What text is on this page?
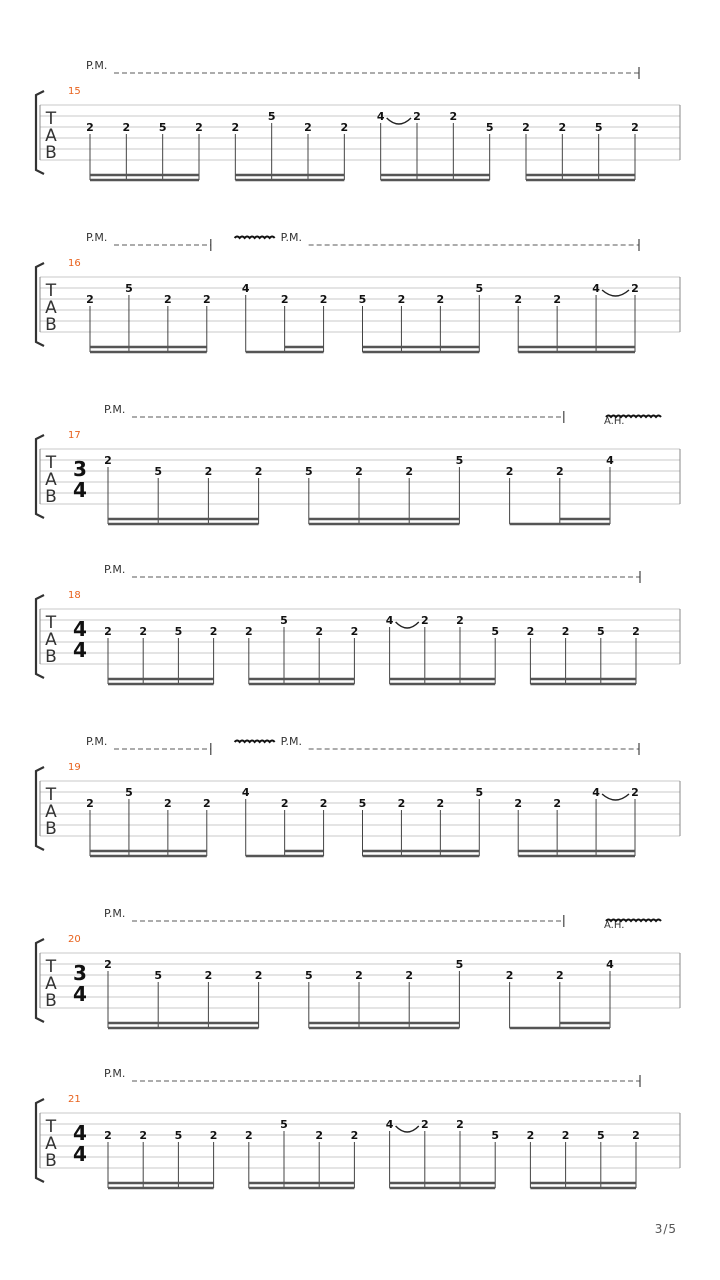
T
A
B
15
2	2	5	2	2
5
2	2
4	2	2
5	2	2	5	2
P.M.
T
A
B
16
2
5
2	2
4
2	2	5	2	2
5
2	2
4	2
P.M.	P.M.
T
A
B
17
3
4
2
5	2	2	5	2	2
5
2	2
4
P.M.
A.H.
T
A
B
18
4
4
2	2	5	2	2
5
2	2
4	2	2
5	2	2	5	2
P.M.
T
A
B
19
2
5
2	2
4
2	2	5	2	2
5
2	2
4	2
P.M.	P.M.
T
A
B
20
3
4
2
5	2	2	5	2	2
5
2	2
4
P.M.
A.H.
T
A
B
21
4
4
2	2	5	2	2
5
2	2
4	2	2
5	2	2	5	2
P.M.
3/5
